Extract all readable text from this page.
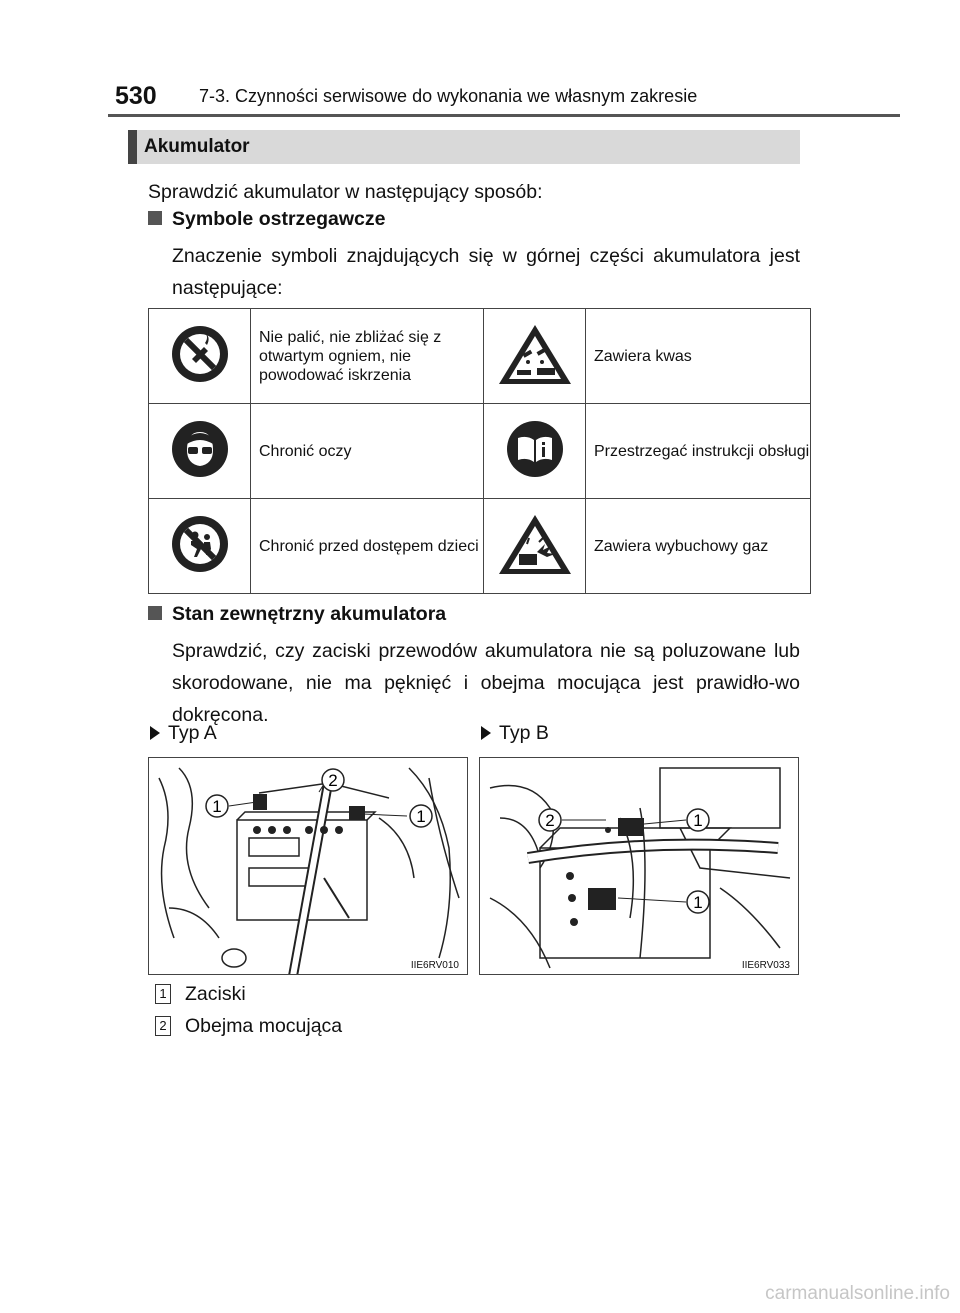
530 7-3. Czynności serwisowe do wykonania we własnym zakresie
Akumulator
Sprawdzić akumulator w następujący sposób:
Symbole ostrzegawcze
Znaczenie symboli znajdujących się w górnej części akumulatora jest następujące:
	Nie palić, nie zbliżać się z otwartym ogniem, nie powodować iskrzenia		Zawiera kwas
	Chronić oczy		Przestrzegać instrukcji obsługi
	Chronić przed dostępem dzieci		Zawiera wybuchowy gaz
Stan zewnętrzny akumulatora
Sprawdzić, czy zaciski przewodów akumulatora nie są poluzowane lub skorodowane, nie ma pęknięć i obejma mocująca jest prawidło-wo dokręcona.
Typ A	Typ B
1
2
1
IIE6RV010
2	1
1
IIE6RV033
1 Zaciski
2 Obejma mocująca
carmanualsonline.info
